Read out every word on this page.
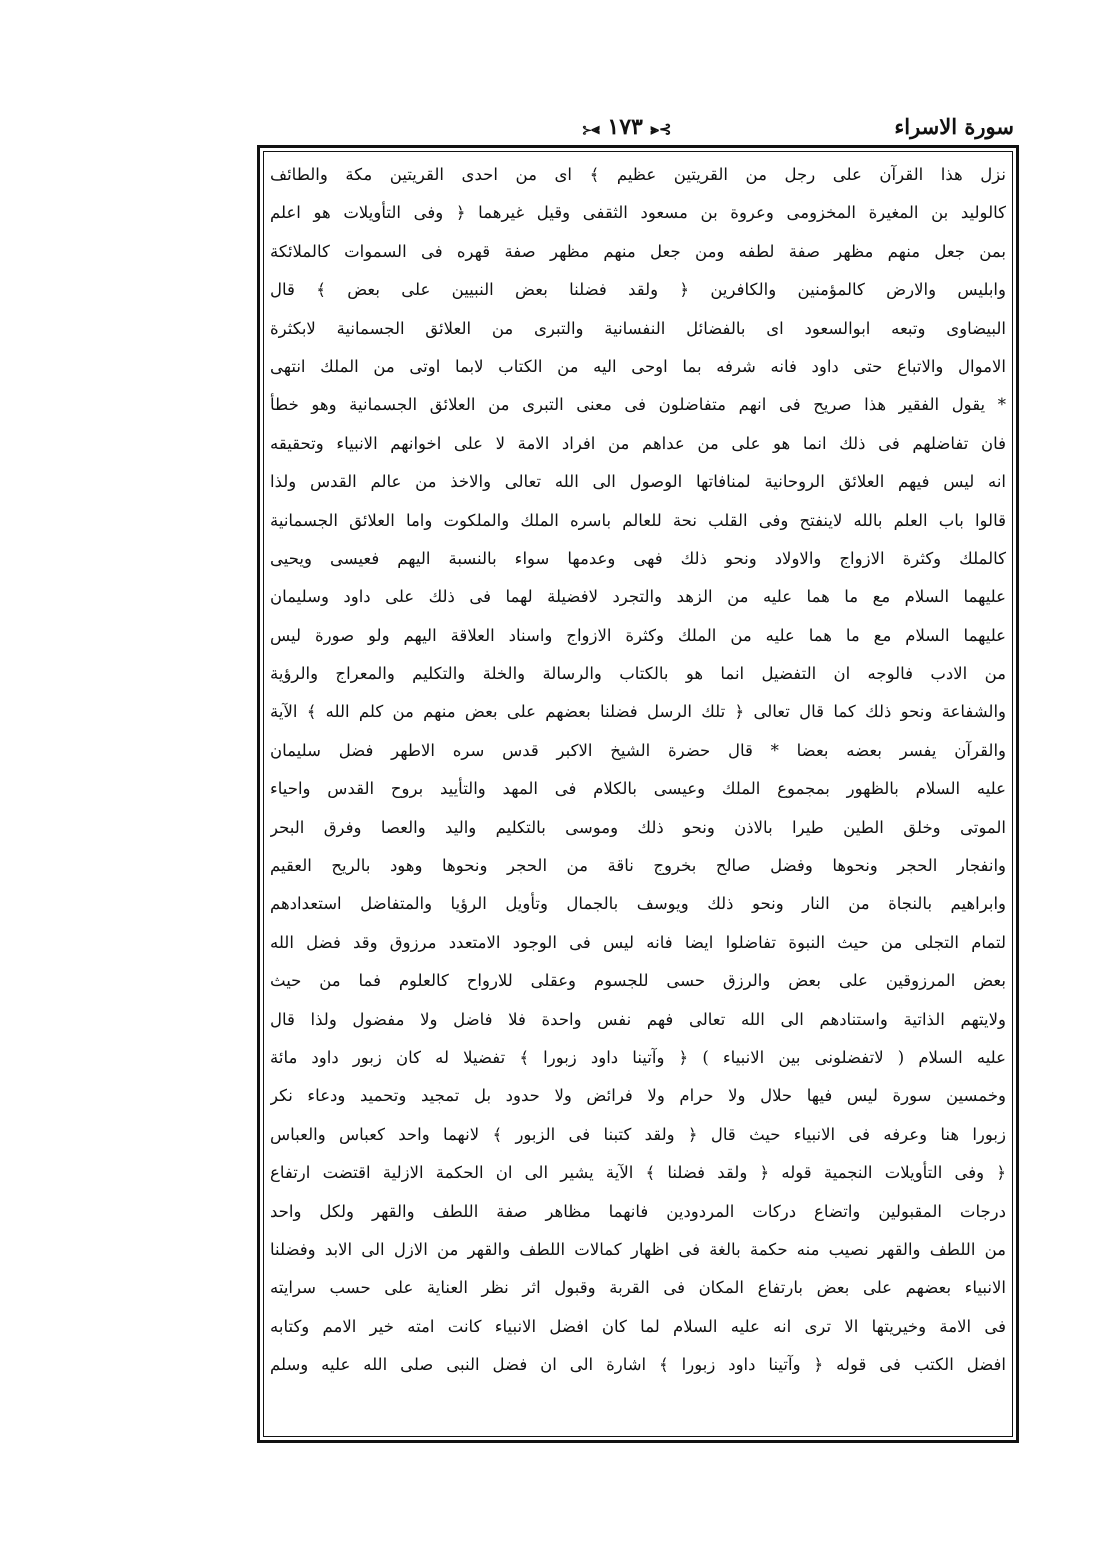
سورة الاسراء
⊱⫷ ١٧٣ ⫸⊰
نزل هذا القرآن على رجل من القريتين عظيم ﴾ اى من احدى القريتين مكة والطائف
كالوليد بن المغيرة المخزومى وعروة بن مسعود الثقفى وقيل غيرهما ﴿ وفى التأويلات هو اعلم
بمن جعل منهم مظهر صفة لطفه ومن جعل منهم مظهر صفة قهره فى السموات كالملائكة
وابليس والارض كالمؤمنين والكافرين ﴿ ولقد فضلنا بعض النبيين على بعض ﴾ قال
البيضاوى وتبعه ابوالسعود اى بالفضائل النفسانية والتبرى من العلائق الجسمانية لابكثرة
الاموال والاتباع حتى داود فانه شرفه بما اوحى اليه من الكتاب لابما اوتى من الملك انتهى
* يقول الفقير هذا صريح فى انهم متفاضلون فى معنى التبرى من العلائق الجسمانية وهو خطأ
فان تفاضلهم فى ذلك انما هو على من عداهم من افراد الامة لا على اخوانهم الانبياء وتحقيقه
انه ليس فيهم العلائق الروحانية لمنافاتها الوصول الى الله تعالى والاخذ من عالم القدس ولذا
قالوا باب العلم بالله لاينفتح وفى القلب نحة للعالم باسره الملك والملكوت واما العلائق الجسمانية
كالملك وكثرة الازواج والاولاد ونحو ذلك فهى وعدمها سواء بالنسبة اليهم فعيسى ويحيى
عليهما السلام مع ما هما عليه من الزهد والتجرد لافضيلة لهما فى ذلك على داود وسليمان
عليهما السلام مع ما هما عليه من الملك وكثرة الازواج واسناد العلاقة اليهم ولو صورة ليس
من الادب فالوجه ان التفضيل انما هو بالكتاب والرسالة والخلة والتكليم والمعراج والرؤية
والشفاعة ونحو ذلك كما قال تعالى ﴿ تلك الرسل فضلنا بعضهم على بعض منهم من كلم الله ﴾ الآية
والقرآن يفسر بعضه بعضا * قال حضرة الشيخ الاكبر قدس سره الاطهر فضل سليمان
عليه السلام بالظهور بمجموع الملك وعيسى بالكلام فى المهد والتأييد بروح القدس واحياء
الموتى وخلق الطين طيرا بالاذن ونحو ذلك وموسى بالتكليم واليد والعصا وفرق البحر
وانفجار الحجر ونحوها وفضل صالح بخروج ناقة من الحجر ونحوها وهود بالريح العقيم
وابراهيم بالنجاة من النار ونحو ذلك ويوسف بالجمال وتأويل الرؤيا والمتفاضل استعدادهم
لتمام التجلى من حيث النبوة تفاضلوا ايضا فانه ليس فى الوجود الامتعدد مرزوق وقد فضل الله
بعض المرزوقين على بعض والرزق حسى للجسوم وعقلى للارواح كالعلوم فما من حيث
ولايتهم الذاتية واستنادهم الى الله تعالى فهم نفس واحدة فلا فاضل ولا مفضول ولذا قال
عليه السلام ( لاتفضلونى بين الانبياء ) ﴿ وآتينا داود زبورا ﴾ تفضيلا له كان زبور داود مائة
وخمسين سورة ليس فيها حلال ولا حرام ولا فرائض ولا حدود بل تمجيد وتحميد ودعاء نكر
زبورا هنا وعرفه فى الانبياء حيث قال ﴿ ولقد كتبنا فى الزبور ﴾ لانهما واحد كعباس والعباس
﴿ وفى التأويلات النجمية قوله ﴿ ولقد فضلنا ﴾ الآية يشير الى ان الحكمة الازلية اقتضت ارتفاع
درجات المقبولين واتضاع دركات المردودين فانهما مظاهر صفة اللطف والقهر ولكل واحد
من اللطف والقهر نصيب منه حكمة بالغة فى اظهار كمالات اللطف والقهر من الازل الى الابد وفضلنا
الانبياء بعضهم على بعض بارتفاع المكان فى القربة وقبول اثر نظر العناية على حسب سرايته
فى الامة وخيريتها الا ترى انه عليه السلام لما كان افضل الانبياء كانت امته خير الامم وكتابه
افضل الكتب فى قوله ﴿ وآتينا داود زبورا ﴾ اشارة الى ان فضل النبى صلى الله عليه وسلم
